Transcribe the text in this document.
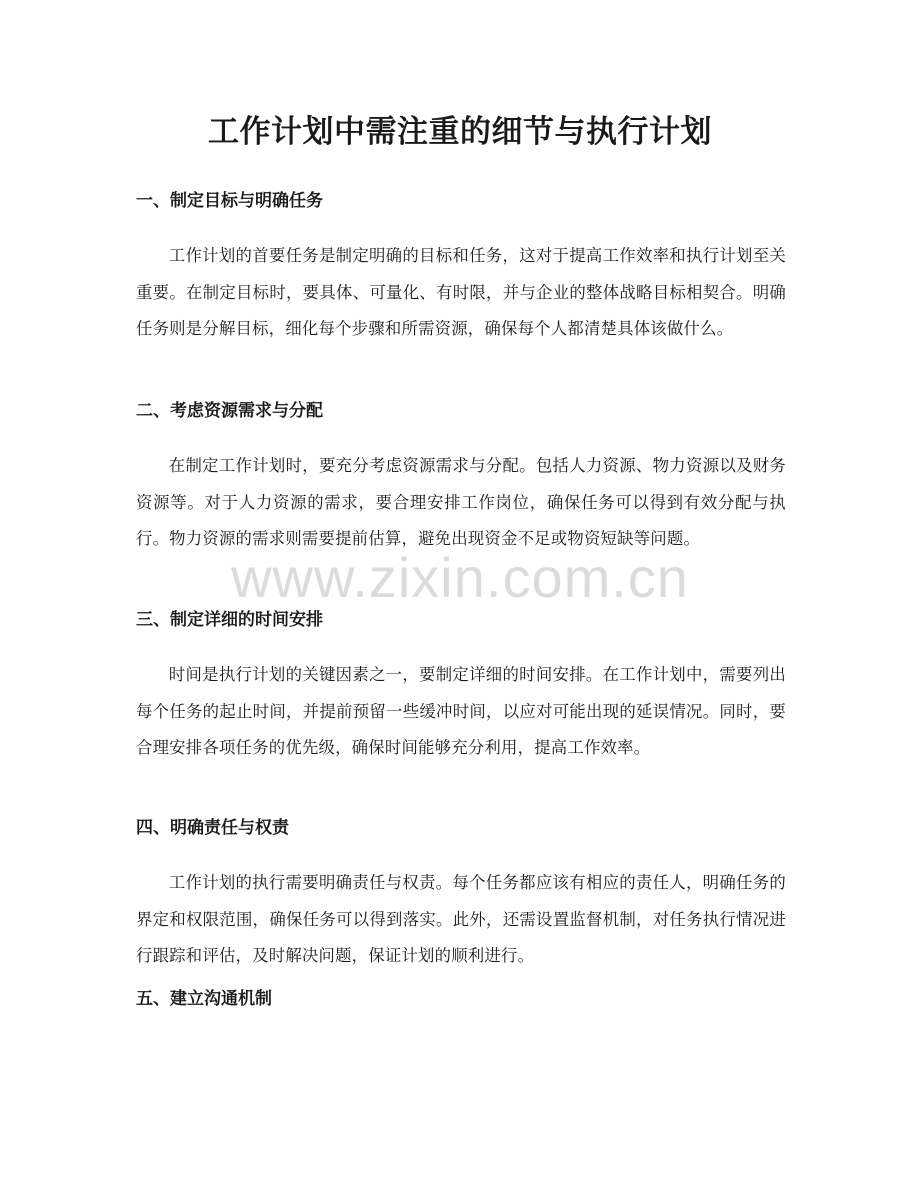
工作计划中需注重的细节与执行计划
一、制定目标与明确任务

工作计划的首要任务是制定明确的目标和任务，这对于提高工作效率和执行计划至关重要。在制定目标时，要具体、可量化、有时限，并与企业的整体战略目标相契合。明确任务则是分解目标，细化每个步骤和所需资源，确保每个人都清楚具体该做什么。

二、考虑资源需求与分配

在制定工作计划时，要充分考虑资源需求与分配。包括人力资源、物力资源以及财务资源等。对于人力资源的需求，要合理安排工作岗位，确保任务可以得到有效分配与执行。物力资源的需求则需要提前估算，避免出现资金不足或物资短缺等问题。

三、制定详细的时间安排

时间是执行计划的关键因素之一，要制定详细的时间安排。在工作计划中，需要列出每个任务的起止时间，并提前预留一些缓冲时间，以应对可能出现的延误情况。同时，要合理安排各项任务的优先级，确保时间能够充分利用，提高工作效率。

四、明确责任与权责

工作计划的执行需要明确责任与权责。每个任务都应该有相应的责任人，明确任务的界定和权限范围，确保任务可以得到落实。此外，还需设置监督机制，对任务执行情况进行跟踪和评估，及时解决问题，保证计划的顺利进行。

五、建立沟通机制
www.zixin.com.cn
